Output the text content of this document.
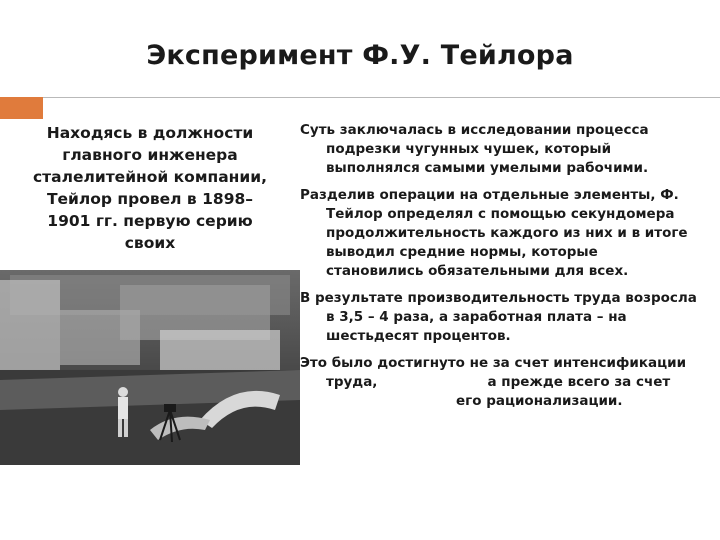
Эксперимент Ф.У. Тейлора
Находясь в должности главного инженера сталелитейной компании, Тейлор провел в 1898–1901 гг. первую серию своих

Суть заключалась в исследовании процесса подрезки чугунных чушек, который выполнялся самыми умелыми рабочими.

Разделив операции на отдельные элементы, Ф. Тейлор определял с помощью секундомера продолжительность каждого из них и в итоге выводил средние нормы, которые становились обязательными для всех.

В результате производительность труда возросла в 3,5 – 4 раза, а заработная плата – на шестьдесят процентов.

Это было достигнуто не за счет интенсификации труда,	а прежде всего за счетего рационализации.
